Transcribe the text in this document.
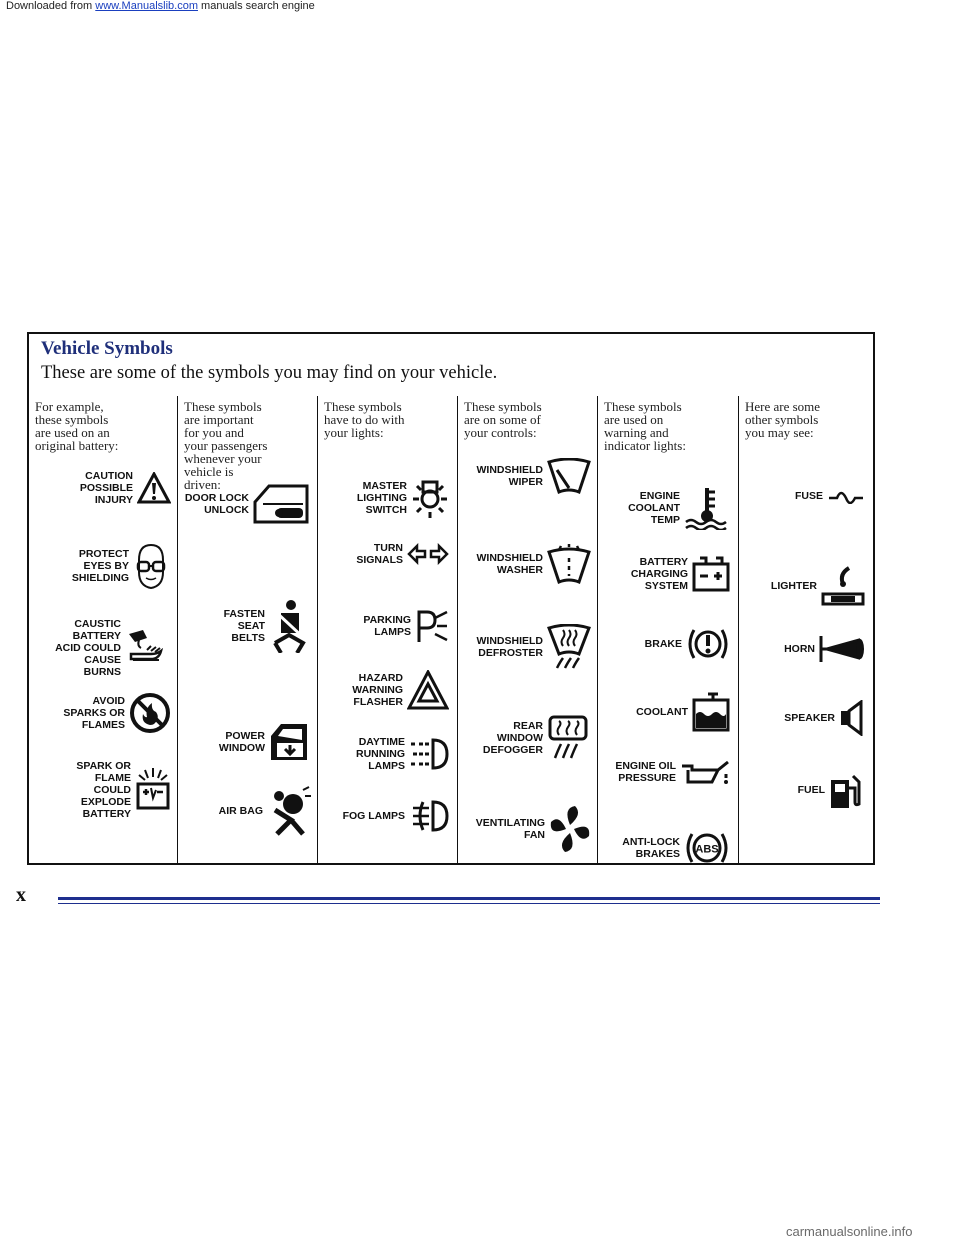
Downloaded from www.Manualslib.com manuals search engine
Vehicle Symbols
These are some of the symbols you may find on your vehicle.
For example,
these symbols
are used on an
original battery:
CAUTION
POSSIBLE
INJURY
PROTECT
EYES BY
SHIELDING
CAUSTIC
BATTERY
ACID COULD
CAUSE
BURNS
AVOID
SPARKS OR
FLAMES
SPARK OR
FLAME
COULD
EXPLODE
BATTERY
These symbols
are important
for you and
your passengers
whenever your
vehicle is
driven:
DOOR LOCK
UNLOCK
FASTEN
SEAT
BELTS
POWER
WINDOW
AIR BAG
These symbols
have to do with
your lights:
MASTER
LIGHTING
SWITCH
TURN
SIGNALS
PARKING
LAMPS
HAZARD
WARNING
FLASHER
DAYTIME
RUNNING
LAMPS
FOG LAMPS
These symbols
are on some of
your controls:
WINDSHIELD
WIPER
WINDSHIELD
WASHER
WINDSHIELD
DEFROSTER
REAR
WINDOW
DEFOGGER
VENTILATING
FAN
These symbols
are used on
warning and
indicator lights:
ENGINE
COOLANT
TEMP
BATTERY
CHARGING
SYSTEM
BRAKE
COOLANT
ENGINE OIL
PRESSURE
ANTI-LOCK
BRAKES ABS
Here are some
other symbols
you may see:
FUSE
LIGHTER
HORN
SPEAKER
FUEL
x
carmanualsonline.info
